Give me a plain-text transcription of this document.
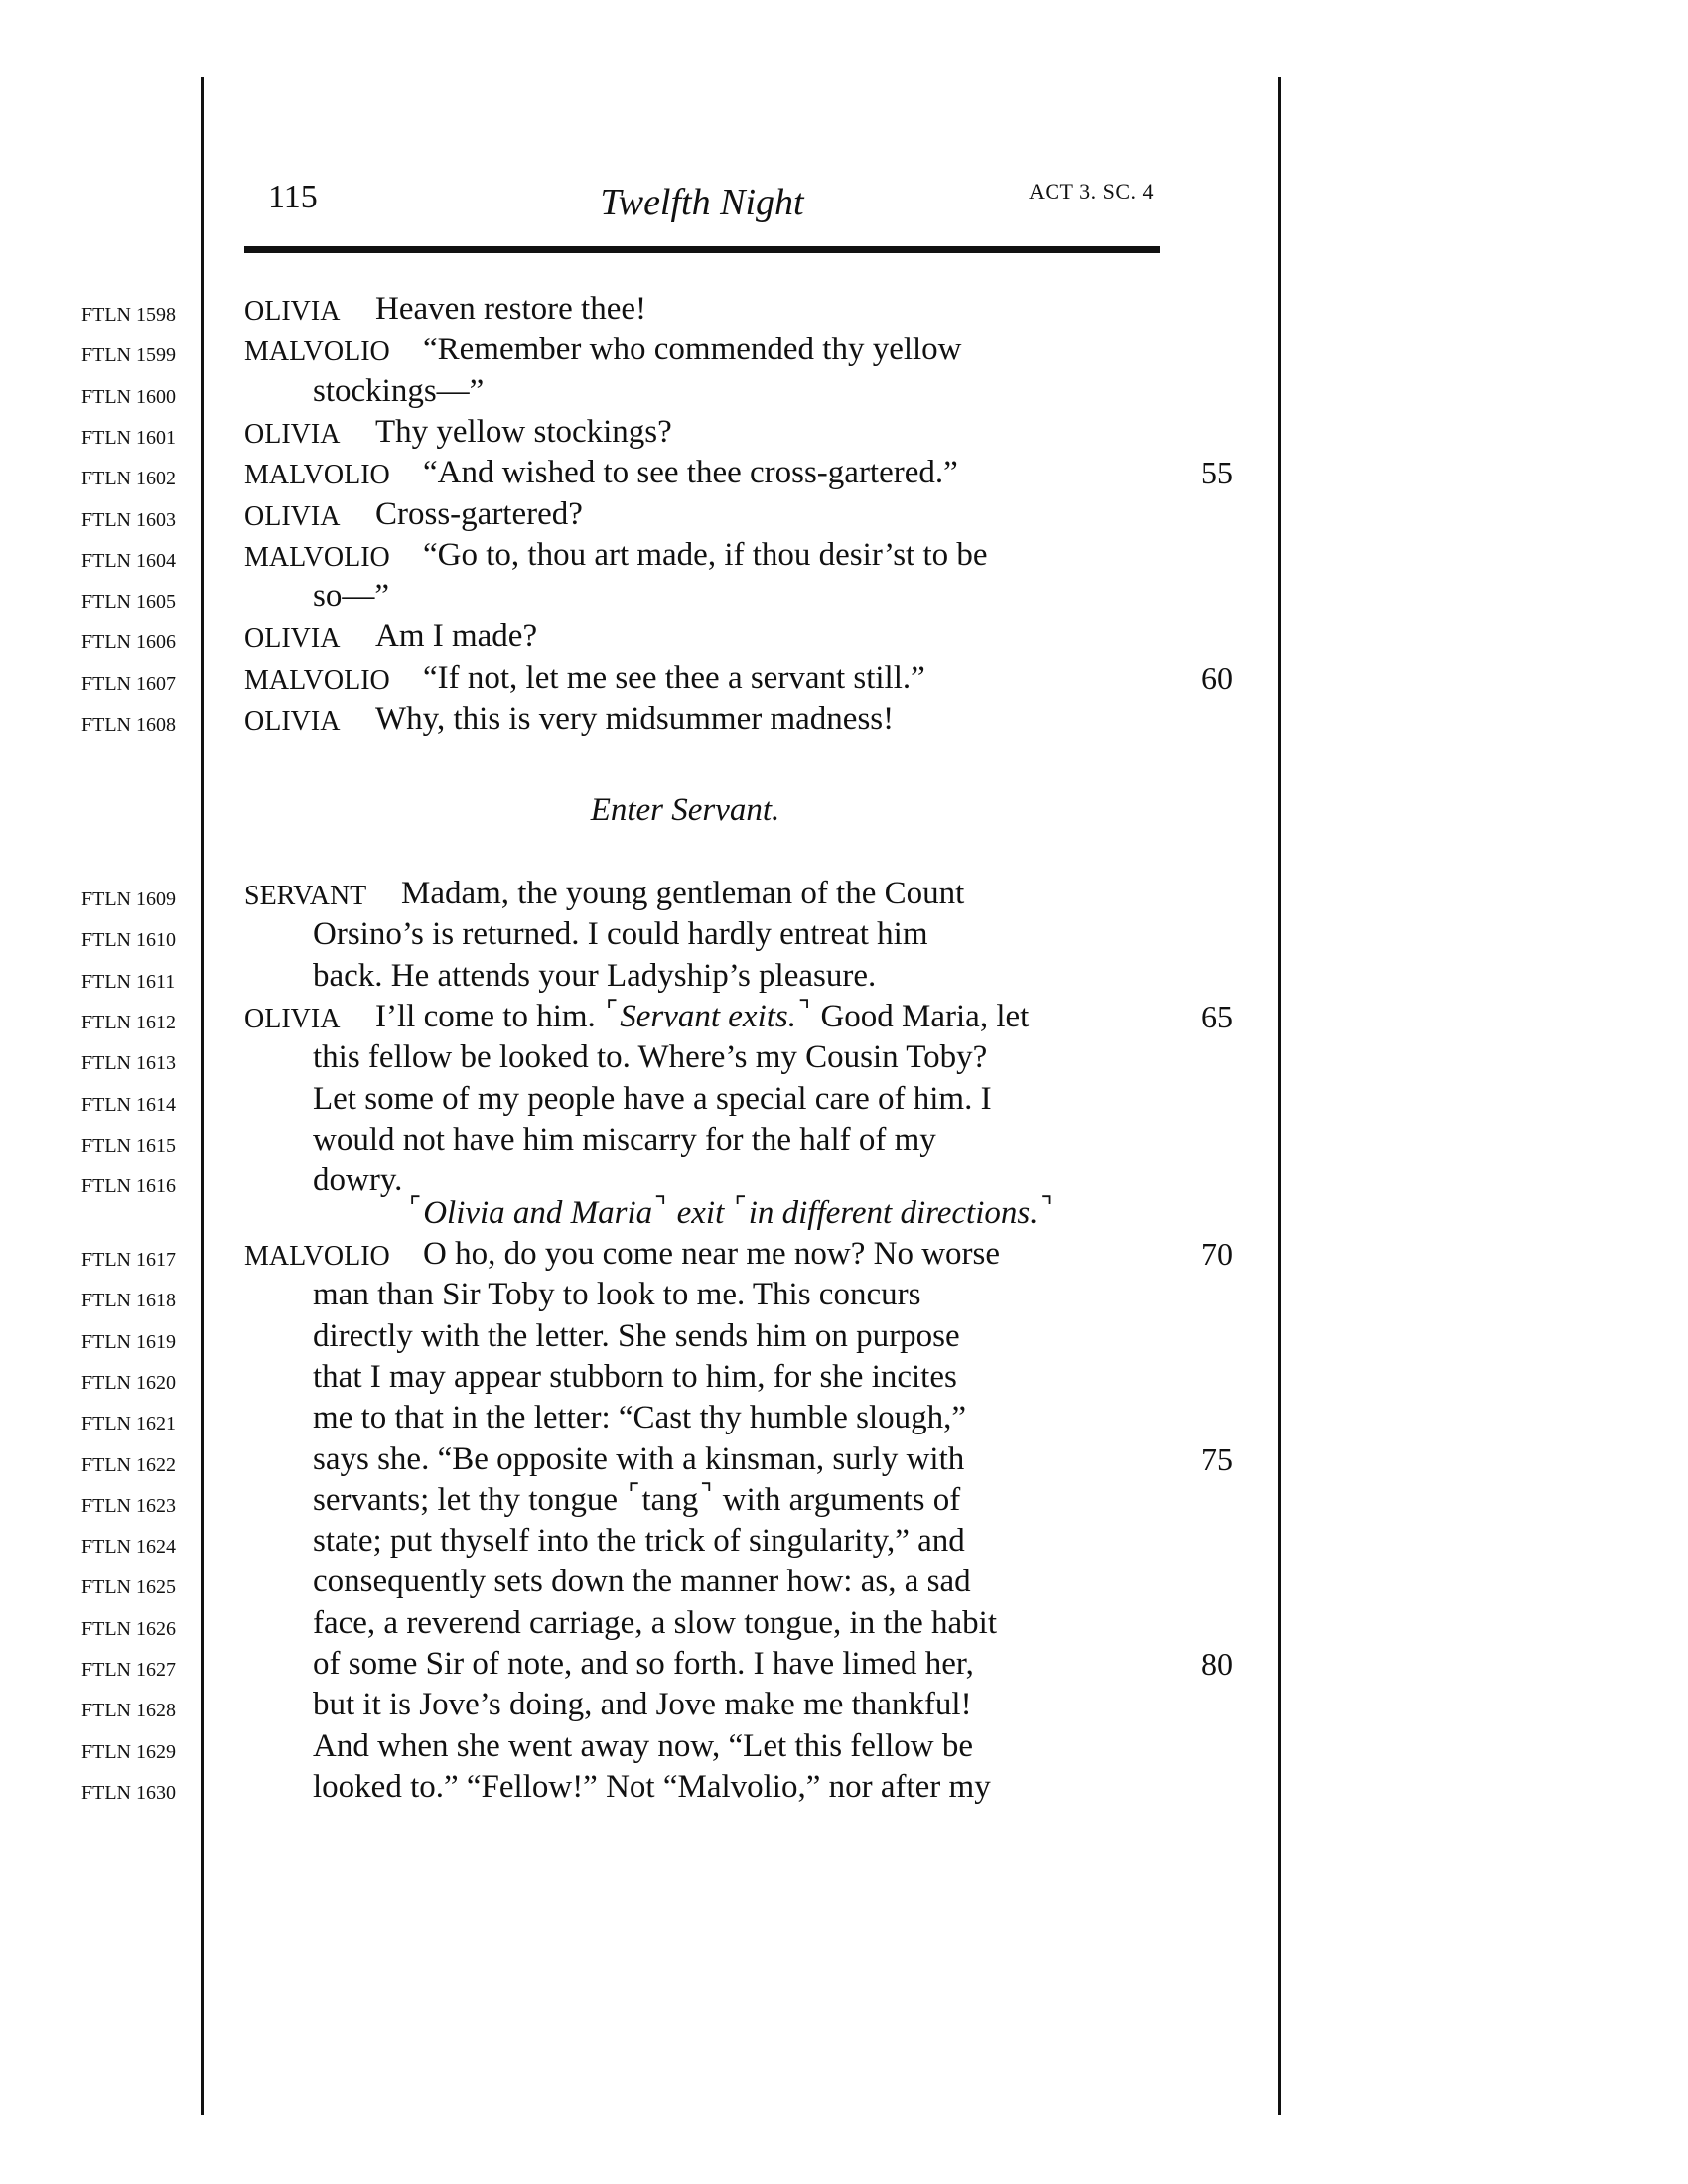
115	Twelfth Night	ACT 3. SC. 4
FTLN 1598 OLIVIA Heaven restore thee!
FTLN 1599 MALVOLIO “Remember who commended thy yellow
FTLN 1600	stockings—”
FTLN 1601 OLIVIA Thy yellow stockings?
FTLN 1602 MALVOLIO “And wished to see thee cross-gartered.”	55
FTLN 1603 OLIVIA Cross-gartered?
FTLN 1604 MALVOLIO “Go to, thou art made, if thou desir’st to be
FTLN 1605	so—”
FTLN 1606 OLIVIA Am I made?
FTLN 1607 MALVOLIO “If not, let me see thee a servant still.”	60
FTLN 1608 OLIVIA Why, this is very midsummer madness!
FTLN 1609 SERVANT Madam, the young gentleman of the Count
FTLN 1610	Orsino’s is returned. I could hardly entreat him
FTLN 1611	back. He attends your Ladyship’s pleasure.
FTLN 1612 OLIVIA I’ll come to him. ⌜Servant exits.⌝ Good Maria, let	65
FTLN 1613	this fellow be looked to. Where’s my Cousin Toby?
FTLN 1614	Let some of my people have a special care of him. I
FTLN 1615	would not have him miscarry for the half of my
FTLN 1616	dowry.
FTLN 1617 MALVOLIO O ho, do you come near me now? No worse	70
FTLN 1618	man than Sir Toby to look to me. This concurs
FTLN 1619	directly with the letter. She sends him on purpose
FTLN 1620	that I may appear stubborn to him, for she incites
FTLN 1621	me to that in the letter: “Cast thy humble slough,”
FTLN 1622	says she. “Be opposite with a kinsman, surly with	75
FTLN 1623	servants; let thy tongue ⌜tang⌝ with arguments of
FTLN 1624	state; put thyself into the trick of singularity,” and
FTLN 1625	consequently sets down the manner how: as, a sad
FTLN 1626	face, a reverend carriage, a slow tongue, in the habit
FTLN 1627	of some Sir of note, and so forth. I have limed her,	80
FTLN 1628	but it is Jove’s doing, and Jove make me thankful!
FTLN 1629	And when she went away now, “Let this fellow be
FTLN 1630	looked to.” “Fellow!” Not “Malvolio,” nor after my
Enter Servant.
⌜Olivia and Maria⌝ exit ⌜in different directions.⌝
